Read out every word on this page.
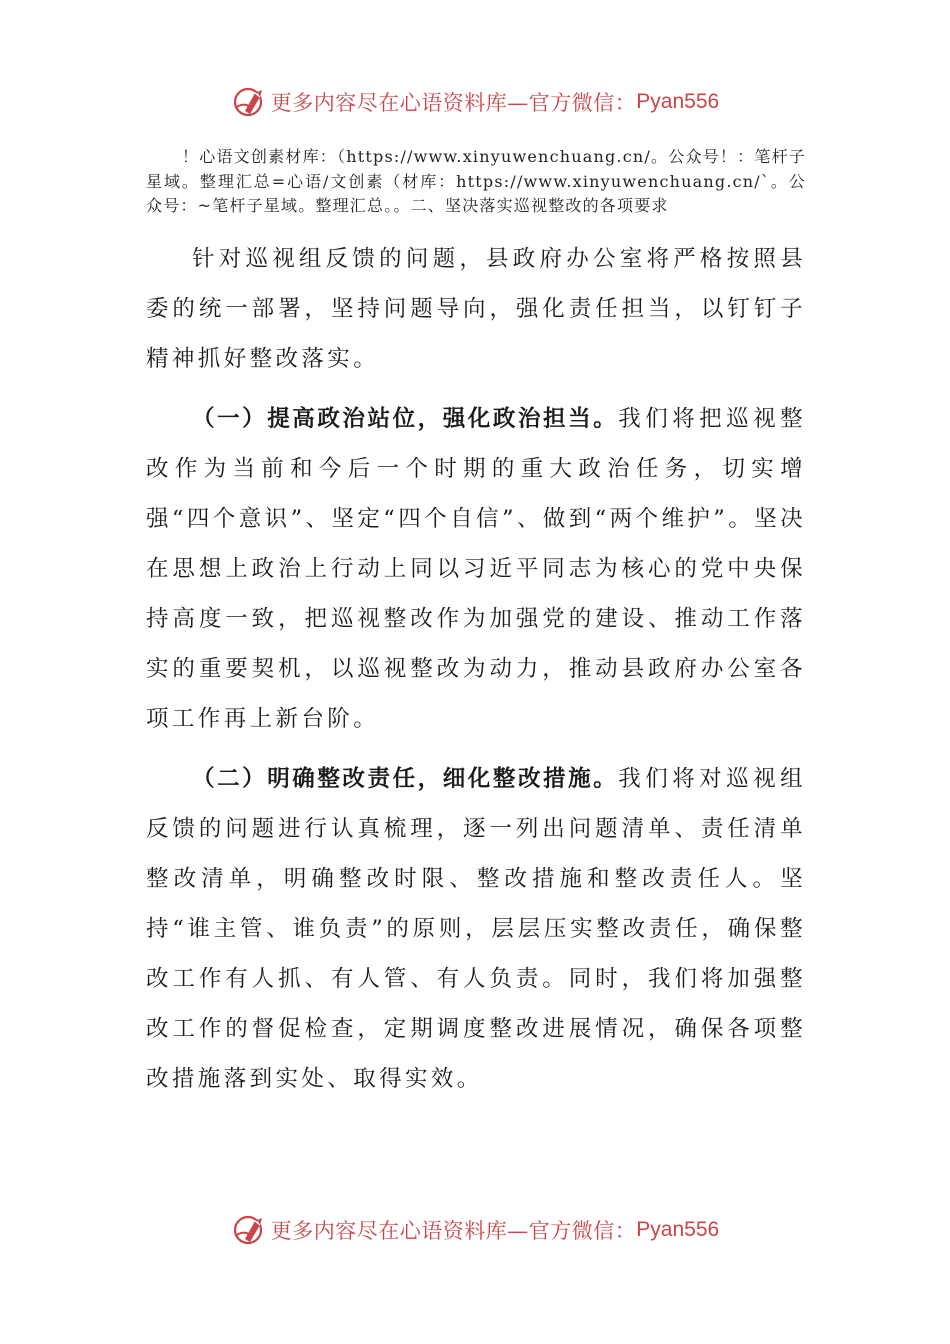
更多内容尽在心语资料库—官方微信： Pyan556

！心语文创素材库：（https://www.xinyuwenchuang.cn/。公众号！：笔杆子星域。整理汇总=心语/文创素（材库：https://www.xinyuwenchuang.cn/`。公众号：~笔杆子星域。整理汇总。。二、坚决落实巡视整改的各项要求

针对巡视组反馈的问题，县政府办公室将严格按照县委的统一部署，坚持问题导向，强化责任担当，以钉钉子精神抓好整改落实。

（一）提高政治站位，强化政治担当。我们将把巡视整改作为当前和今后一个时期的重大政治任务，切实增强“四个意识”、坚定“四个自信”、做到“两个维护”。坚决在思想上政治上行动上同以习近平同志为核心的党中央保持高度一致，把巡视整改作为加强党的建设、推动工作落实的重要契机，以巡视整改为动力，推动县政府办公室各项工作再上新台阶。

（二）明确整改责任，细化整改措施。我们将对巡视组反馈的问题进行认真梳理，逐一列出问题清单、责任清单整改清单，明确整改时限、整改措施和整改责任人。坚持“谁主管、谁负责”的原则，层层压实整改责任，确保整改工作有人抓、有人管、有人负责。同时，我们将加强整改工作的督促检查，定期调度整改进展情况，确保各项整改措施落到实处、取得实效。

更多内容尽在心语资料库—官方微信： Pyan556
